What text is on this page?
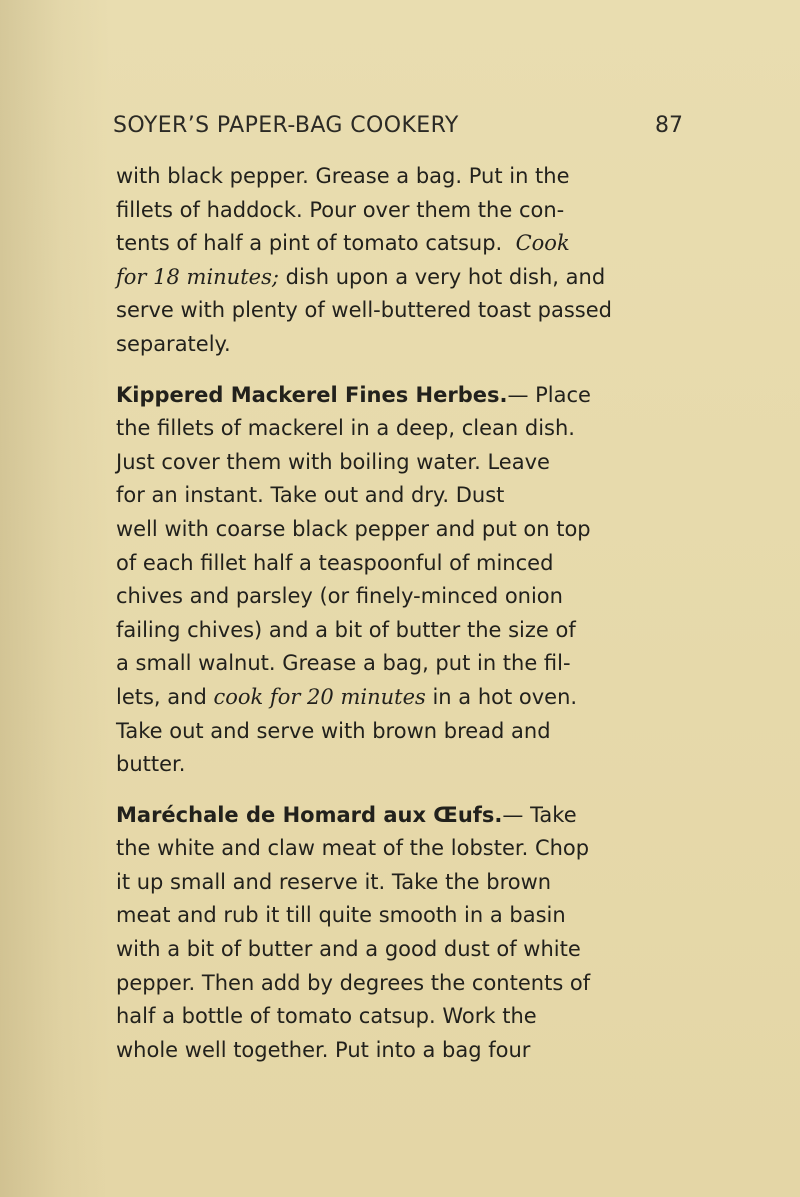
SOYER’S PAPER-BAG COOKERY	87
with black pepper. Grease a bag. Put in the
fillets of haddock. Pour over them the con-
tents of half a pint of tomato catsup.
Cook
for 18 minutes;
dish upon a very hot dish, and
serve with plenty of well-buttered toast passed
separately.
Kippered Mackerel Fines Herbes. — Place
the fillets of mackerel in a deep, clean dish.
Just cover them with boiling water. Leave
for an instant. Take out and dry. Dust
well with coarse black pepper and put on top
of each fillet half a teaspoonful of minced
chives and parsley (or finely-minced onion
failing chives) and a bit of butter the size of
a small walnut. Grease a bag, put in the fil-
lets, and
cook for 20 minutes
in a hot oven.
Take out and serve with brown bread and
butter.
Maréchale de Homard aux Œufs. — Take
the white and claw meat of the lobster. Chop
it up small and reserve it. Take the brown
meat and rub it till quite smooth in a basin
with a bit of butter and a good dust of white
pepper. Then add by degrees the contents of
half a bottle of tomato catsup. Work the
whole well together. Put into a bag four
